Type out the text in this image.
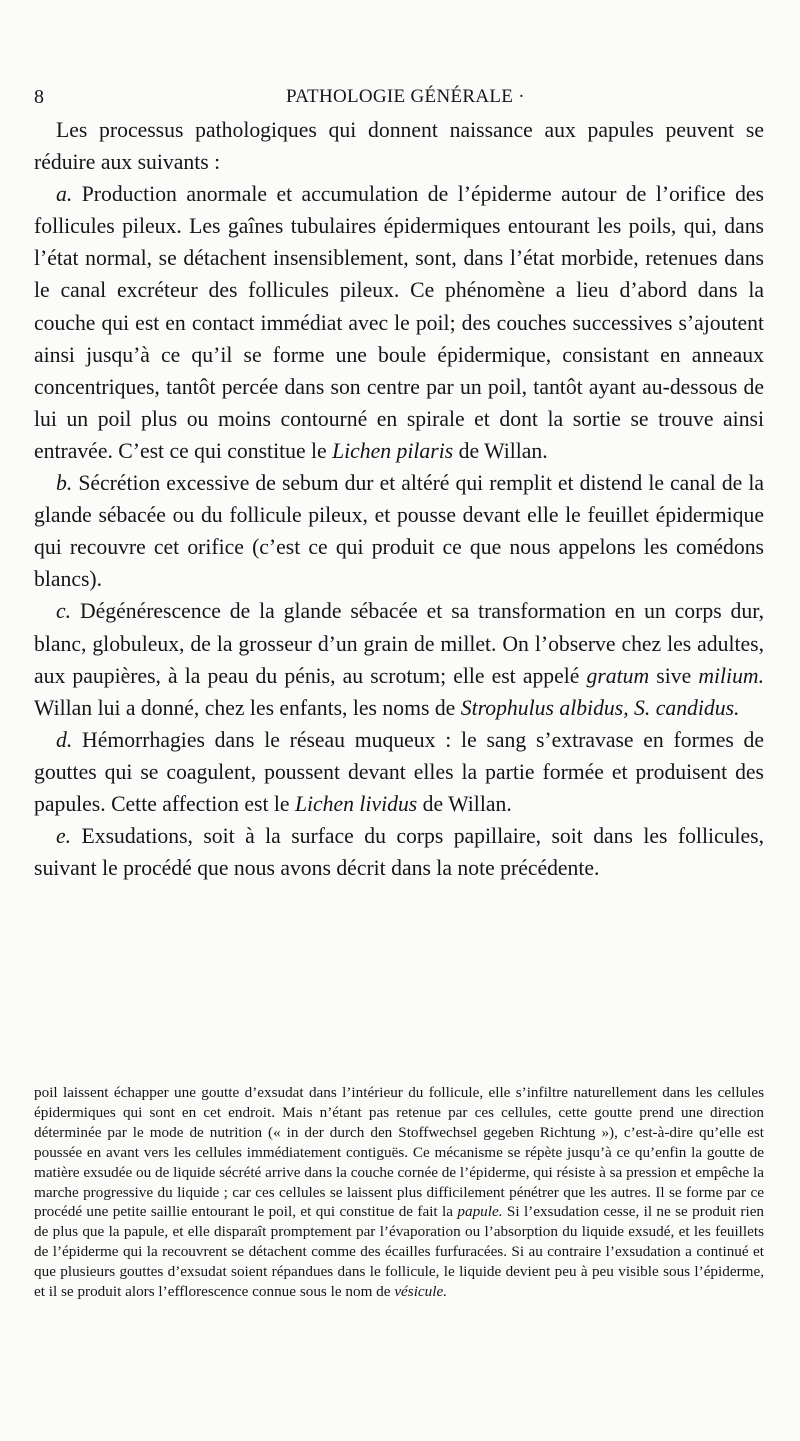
8	PATHOLOGIE GÉNÉRALE ·

Les processus pathologiques qui donnent naissance aux papules peuvent se réduire aux suivants :

a. Production anormale et accumulation de l’épiderme autour de l’orifice des follicules pileux. Les gaînes tubulaires épidermiques entourant les poils, qui, dans l’état normal, se détachent insensiblement, sont, dans l’état morbide, retenues dans le canal excréteur des follicules pileux. Ce phénomène a lieu d’abord dans la couche qui est en contact immédiat avec le poil; des couches successives s’ajoutent ainsi jusqu’à ce qu’il se forme une boule épidermique, consistant en anneaux concentriques, tantôt percée dans son centre par un poil, tantôt ayant au-dessous de lui un poil plus ou moins contourné en spirale et dont la sortie se trouve ainsi entravée. C’est ce qui constitue le Lichen pilaris de Willan.

b. Sécrétion excessive de sebum dur et altéré qui remplit et distend le canal de la glande sébacée ou du follicule pileux, et pousse devant elle le feuillet épidermique qui recouvre cet orifice (c’est ce qui produit ce que nous appelons les comédons blancs).

c. Dégénérescence de la glande sébacée et sa transformation en un corps dur, blanc, globuleux, de la grosseur d’un grain de millet. On l’observe chez les adultes, aux paupières, à la peau du pénis, au scrotum; elle est appelé gratum sive milium. Willan lui a donné, chez les enfants, les noms de Strophulus albidus, S. candidus.

d. Hémorrhagies dans le réseau muqueux : le sang s’extravase en formes de gouttes qui se coagulent, poussent devant elles la partie formée et produisent des papules. Cette affection est le Lichen lividus de Willan.

e. Exsudations, soit à la surface du corps papillaire, soit dans les follicules, suivant le procédé que nous avons décrit dans la note précédente.

poil laissent échapper une goutte d’exsudat dans l’intérieur du follicule, elle s’infiltre naturellement dans les cellules épidermiques qui sont en cet endroit. Mais n’étant pas retenue par ces cellules, cette goutte prend une direction déterminée par le mode de nutrition (« in der durch den Stoffwechsel gegeben Richtung »), c’est-à-dire qu’elle est poussée en avant vers les cellules immédiatement contiguës. Ce mécanisme se répète jusqu’à ce qu’enfin la goutte de matière exsudée ou de liquide sécrété arrive dans la couche cornée de l’épiderme, qui résiste à sa pression et empêche la marche progressive du liquide ; car ces cellules se laissent plus difficilement pénétrer que les autres. Il se forme par ce procédé une petite saillie entourant le poil, et qui constitue de fait la papule. Si l’exsudation cesse, il ne se produit rien de plus que la papule, et elle disparaît promptement par l’évaporation ou l’absorption du liquide exsudé, et les feuillets de l’épiderme qui la recouvrent se détachent comme des écailles furfuracées. Si au contraire l’exsudation a continué et que plusieurs gouttes d’exsudat soient répandues dans le follicule, le liquide devient peu à peu visible sous l’épiderme, et il se produit alors l’efflorescence connue sous le nom de vésicule.
